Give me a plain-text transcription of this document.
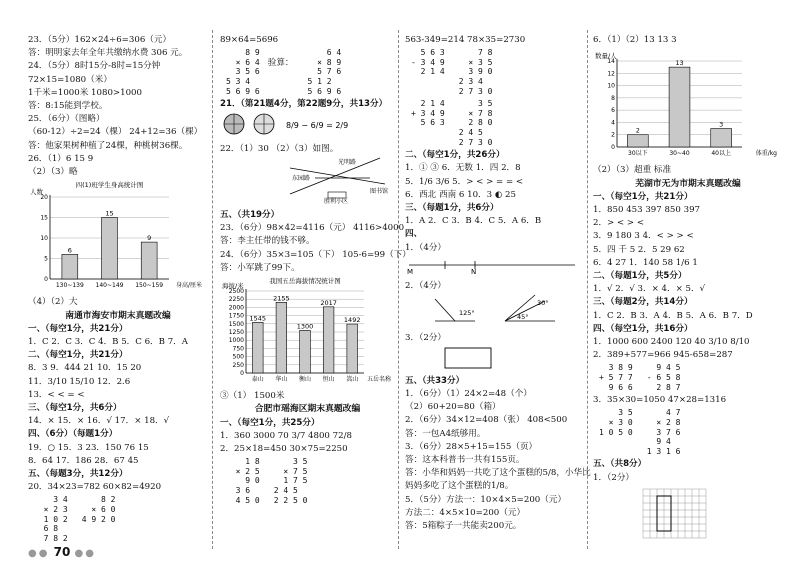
23．（5分）162×24÷6=306（元）
答：明明家去年全年共缴纳水费 306 元。
24．（5分）8时15分-8时=15分钟
72×15=1080（米）
1千米=1000米 1080>1000
答：8:15能到学校。
25．（6分）（图略）
（60-12）÷2=24（棵） 24+12=36（棵）
答：他家果树种植了24棵，种桃树36棵。
26．（1）6 15 9
（2）（3）略
四(1)班学生身高统计图
人数
0
5
10
15
20
6
130~139
15
140~149
9
150~159 身高/厘米
（4）（2）大
南通市海安市期末真题改编
一、（每空1分，共21分）
1．C 2．C 3．C 4．B 5．C 6．B 7．A
二、（每空1分，共21分）
8．3 9．444 21 10．15 20
11．3/10 15/10 12．2.6
13．< < = <
三、（每空1分，共6分）
14．× 15．× 16．√ 17．× 18．√
四、（6分）（每题1分）
19．○ 15．3 23．150 76 15
8．64 17．186 28．67 45
五、（每题3分，共12分）
20．34×23=782 60×82=4920
3 4
× 2 3
1 0 2
6 8
7 8 2
8 2
× 6 0
4 9 2 0
89×64=5696
8 9
× 6 4
3 5 6
5 3 4
5 6 9 6
验算：
6 4
× 8 9
5 7 6
5 1 2
5 6 9 6
21．（第21题4分，第22题9分，共13分）
8/9 − 6/9 = 2/9
22．（1）30 （2）（3）如图。
光明路
胜利小区
图书馆
东园路
五、（共19分）
23．（6分）98×42=4116（元） 4116>4000
答：李主任带的钱不够。
24．（6分）35×3=105（下） 105-6=99（下）
答：小军跳了99下。
我国五岳海拔情况统计图
海拔/米
0
250
500
750
1000
1250
1500
1750
2000
2250
2500
1545
泰山
2155
华山
1300
衡山
2017
恒山
1492
嵩山 五岳名称
③（1） 1500米
合肥市瑶海区期末真题改编
一、（每空1分，共25分）
1．360 3000 70 3/7 4800 72/8
2．25×18=450 30×75=2250
1 8
× 2 5
9 0
3 6
4 5 0
3 5
× 7 5
1 7 5
2 4 5
2 2 5 0
563-349=214 78×35=2730
5 6 3
- 3 4 9
2 1 4
7 8
× 3 5
3 9 0
2 3 4
2 7 3 0
2 1 4
+ 3 4 9
5 6 3
3 5
× 7 8
2 8 0
2 4 5
2 7 3 0
二、（每空1分，共26分）
1．① ③ 6．无数 1．四 2．8
5．1/6 3/6 5．> < > = = <
6．西北 西南 6 10．3 ◐ 25
三、（每题1分，共6分）
1．A 2．C 3．B 4．C 5．A 6．B
四、
1．（4分）
M	N
2．（4分）
125°
30°
45°
3．（2分）
五、（共33分）
1．（6分）（1）24×2=48（个）
（2）60+20=80（箱）
2．（6分）34×12=408（张） 408<500
答：一包A4纸够用。
3．（6分）28×5+15=155（页）
答：这本科普书一共有155页。
答：小华和妈妈一共吃了这个蛋糕的5/8，小华比
妈妈多吃了这个蛋糕的1/8。
5．（5分）方法一：10×4×5=200（元）
方法二：4×5×10=200（元）
答：5箱粽子一共能卖200元。
6．（1）（2）13 13 3
数量/人
0
2
4
6
8
10
12
14
2
30以下
13
30~40
3
40以上	体重/kg
（2）（3）超重 标准
芜湖市无为市期末真题改编
一、（每空1分，共21分）
1．850 453 397 850 397
2．> < > <
3．9 180 3 4．< > > <
5．四 千 5 2．5 29 62
6．4 27 1．140 58 1/6 1
二、（每题1分，共5分）
1．√ 2．√ 3．× 4．× 5．√
三、（每题2分，共14分）
1．C 2．B 3．A 4．B 5．A 6．B 7．D
四、（每空1分，共16分）
1．1000 600 2400 120 40 3/10 8/10
2．389+577=966 945-658=287
3 8 9
+ 5 7 7
9 6 6
9 4 5
- 6 5 8
2 8 7
3．35×30=1050 47×28=1316
3 5
× 3 0
1 0 5 0
4 7
× 2 8
3 7 6
9 4
1 3 1 6
五、（共8分）
1．（2分）
●● 70 ●●
